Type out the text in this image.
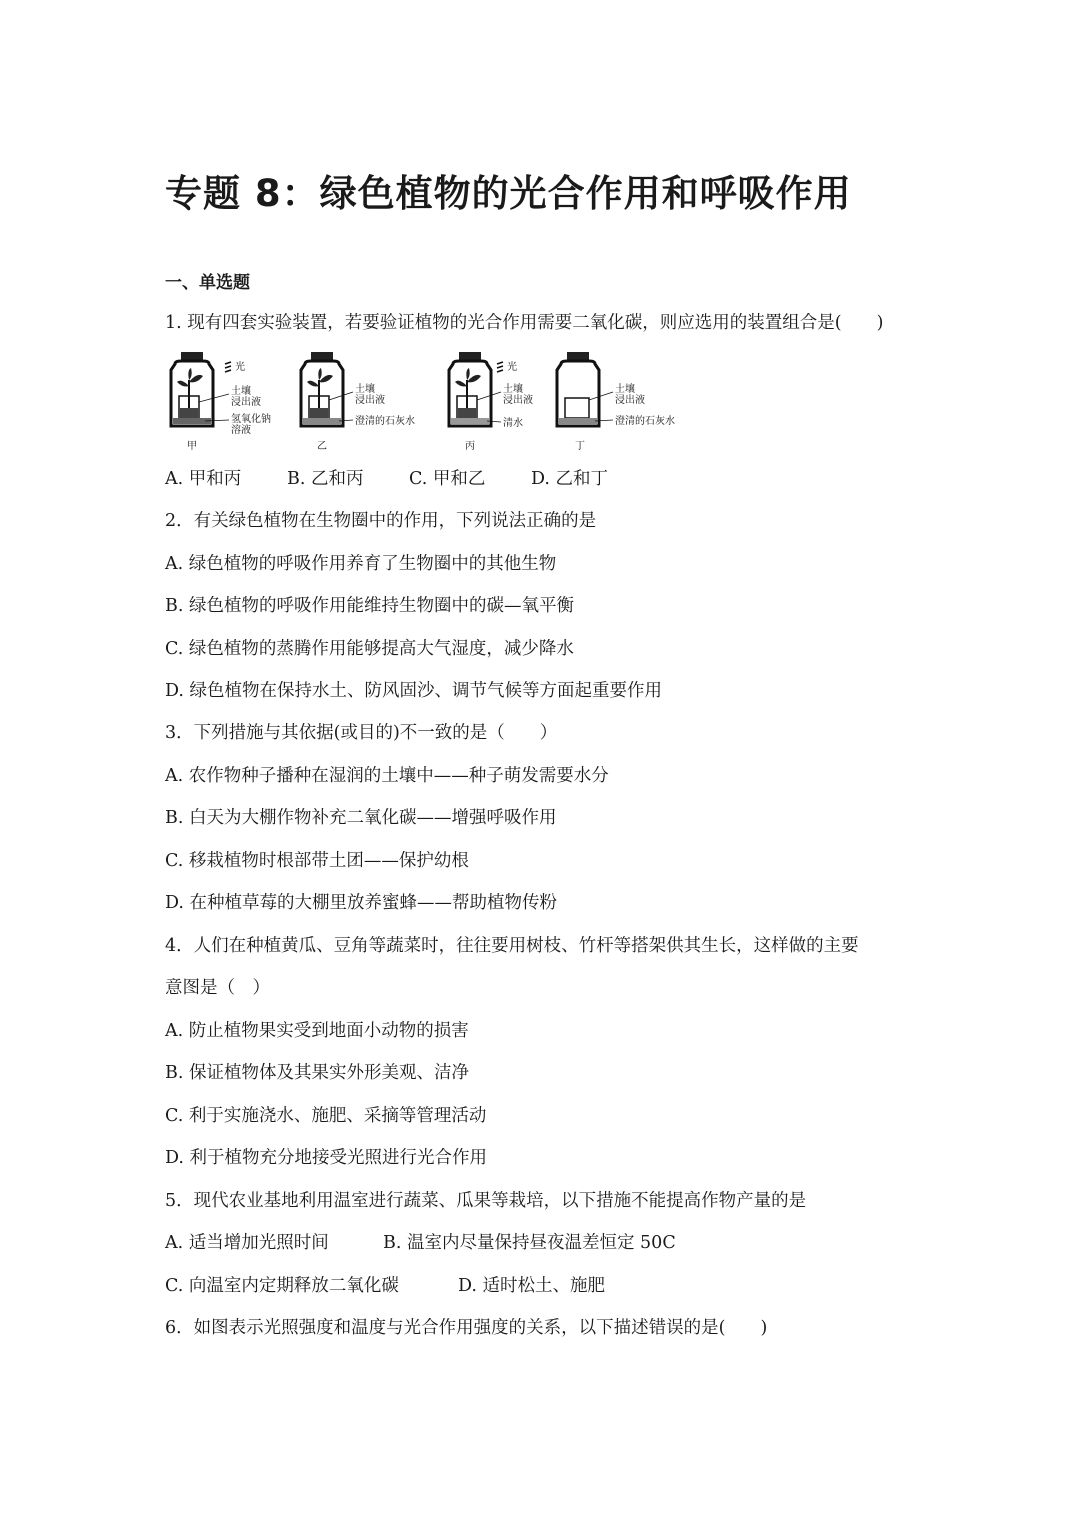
专题 8：绿色植物的光合作用和呼吸作用
一、单选题
1. 现有四套实验装置，若要验证植物的光合作用需要二氧化碳，则应选用的装置组合是(　　)
光
土壤
浸出液
氢氧化钠
溶液
甲
土壤
浸出液
澄清的石灰水
乙
光
土壤
浸出液
清水
丙
土壤
浸出液
澄清的石灰水
丁
A. 甲和丙	B. 乙和丙	C. 甲和乙	D. 乙和丁
2．有关绿色植物在生物圈中的作用，下列说法正确的是
A. 绿色植物的呼吸作用养育了生物圈中的其他生物
B. 绿色植物的呼吸作用能维持生物圈中的碳—氧平衡
C. 绿色植物的蒸腾作用能够提高大气湿度，减少降水
D. 绿色植物在保持水土、防风固沙、调节气候等方面起重要作用
3．下列措施与其依据(或目的)不一致的是（　　）
A. 农作物种子播种在湿润的土壤中——种子萌发需要水分
B. 白天为大棚作物补充二氧化碳——增强呼吸作用
C. 移栽植物时根部带土团——保护幼根
D. 在种植草莓的大棚里放养蜜蜂——帮助植物传粉
4．人们在种植黄瓜、豆角等蔬菜时，往往要用树枝、竹杆等搭架供其生长，这样做的主要
意图是（　）
A. 防止植物果实受到地面小动物的损害
B. 保证植物体及其果实外形美观、洁净
C. 利于实施浇水、施肥、采摘等管理活动
D. 利于植物充分地接受光照进行光合作用
5．现代农业基地利用温室进行蔬菜、瓜果等栽培，以下措施不能提高作物产量的是
A. 适当增加光照时间	B. 温室内尽量保持昼夜温差恒定 50C
C. 向温室内定期释放二氧化碳	D. 适时松土、施肥
6．如图表示光照强度和温度与光合作用强度的关系，以下描述错误的是(　　)
